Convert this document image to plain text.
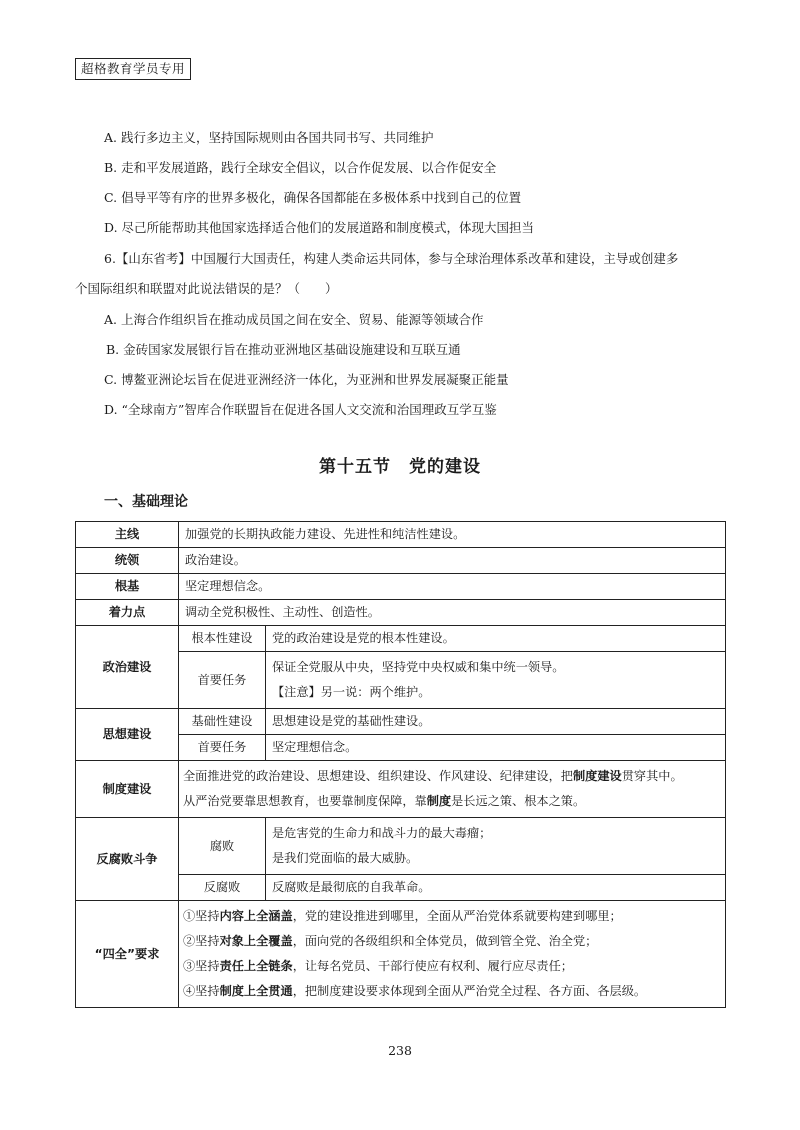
超格教育学员专用
A. 践行多边主义，坚持国际规则由各国共同书写、共同维护
B. 走和平发展道路，践行全球安全倡议，以合作促发展、以合作促安全
C. 倡导平等有序的世界多极化，确保各国都能在多极体系中找到自己的位置
D. 尽己所能帮助其他国家选择适合他们的发展道路和制度模式，体现大国担当
6.【山东省考】中国履行大国责任，构建人类命运共同体，参与全球治理体系改革和建设，主导或创建多
个国际组织和联盟对此说法错误的是？（　　）
A. 上海合作组织旨在推动成员国之间在安全、贸易、能源等领域合作
B. 金砖国家发展银行旨在推动亚洲地区基础设施建设和互联互通
C. 博鳌亚洲论坛旨在促进亚洲经济一体化，为亚洲和世界发展凝聚正能量
D. “全球南方”智库合作联盟旨在促进各国人文交流和治国理政互学互鉴
第十五节　党的建设
一、基础理论
主线	加强党的长期执政能力建设、先进性和纯洁性建设。	
统领	政治建设。	
根基	坚定理想信念。	
着力点	调动全党积极性、主动性、创造性。	
政治建设	根本性建设	党的政治建设是党的根本性建设。
	首要任务	保证全党服从中央，坚持党中央权威和集中统一领导。
【注意】另一说：两个维护。

思想建设	基础性建设	思想建设是党的基础性建设。
	首要任务	坚定理想信念。
制度建设	全面推进党的政治建设、思想建设、组织建设、作风建设、纪律建设，把制度建设贯穿其中。
从严治党要靠思想教育，也要靠制度保障，靠制度是长远之策、根本之策。	

反腐败斗争	腐败	是危害党的生命力和战斗力的最大毒瘤；
是我们党面临的最大威胁。

	反腐败	反腐败是最彻底的自我革命。
“四全”要求	①坚持内容上全涵盖，党的建设推进到哪里，全面从严治党体系就要构建到哪里；
②坚持对象上全覆盖，面向党的各级组织和全体党员，做到管全党、治全党；
③坚持责任上全链条，让每名党员、干部行使应有权利、履行应尽责任；
④坚持制度上全贯通，把制度建设要求体现到全面从严治党全过程、各方面、各层级。	
238
